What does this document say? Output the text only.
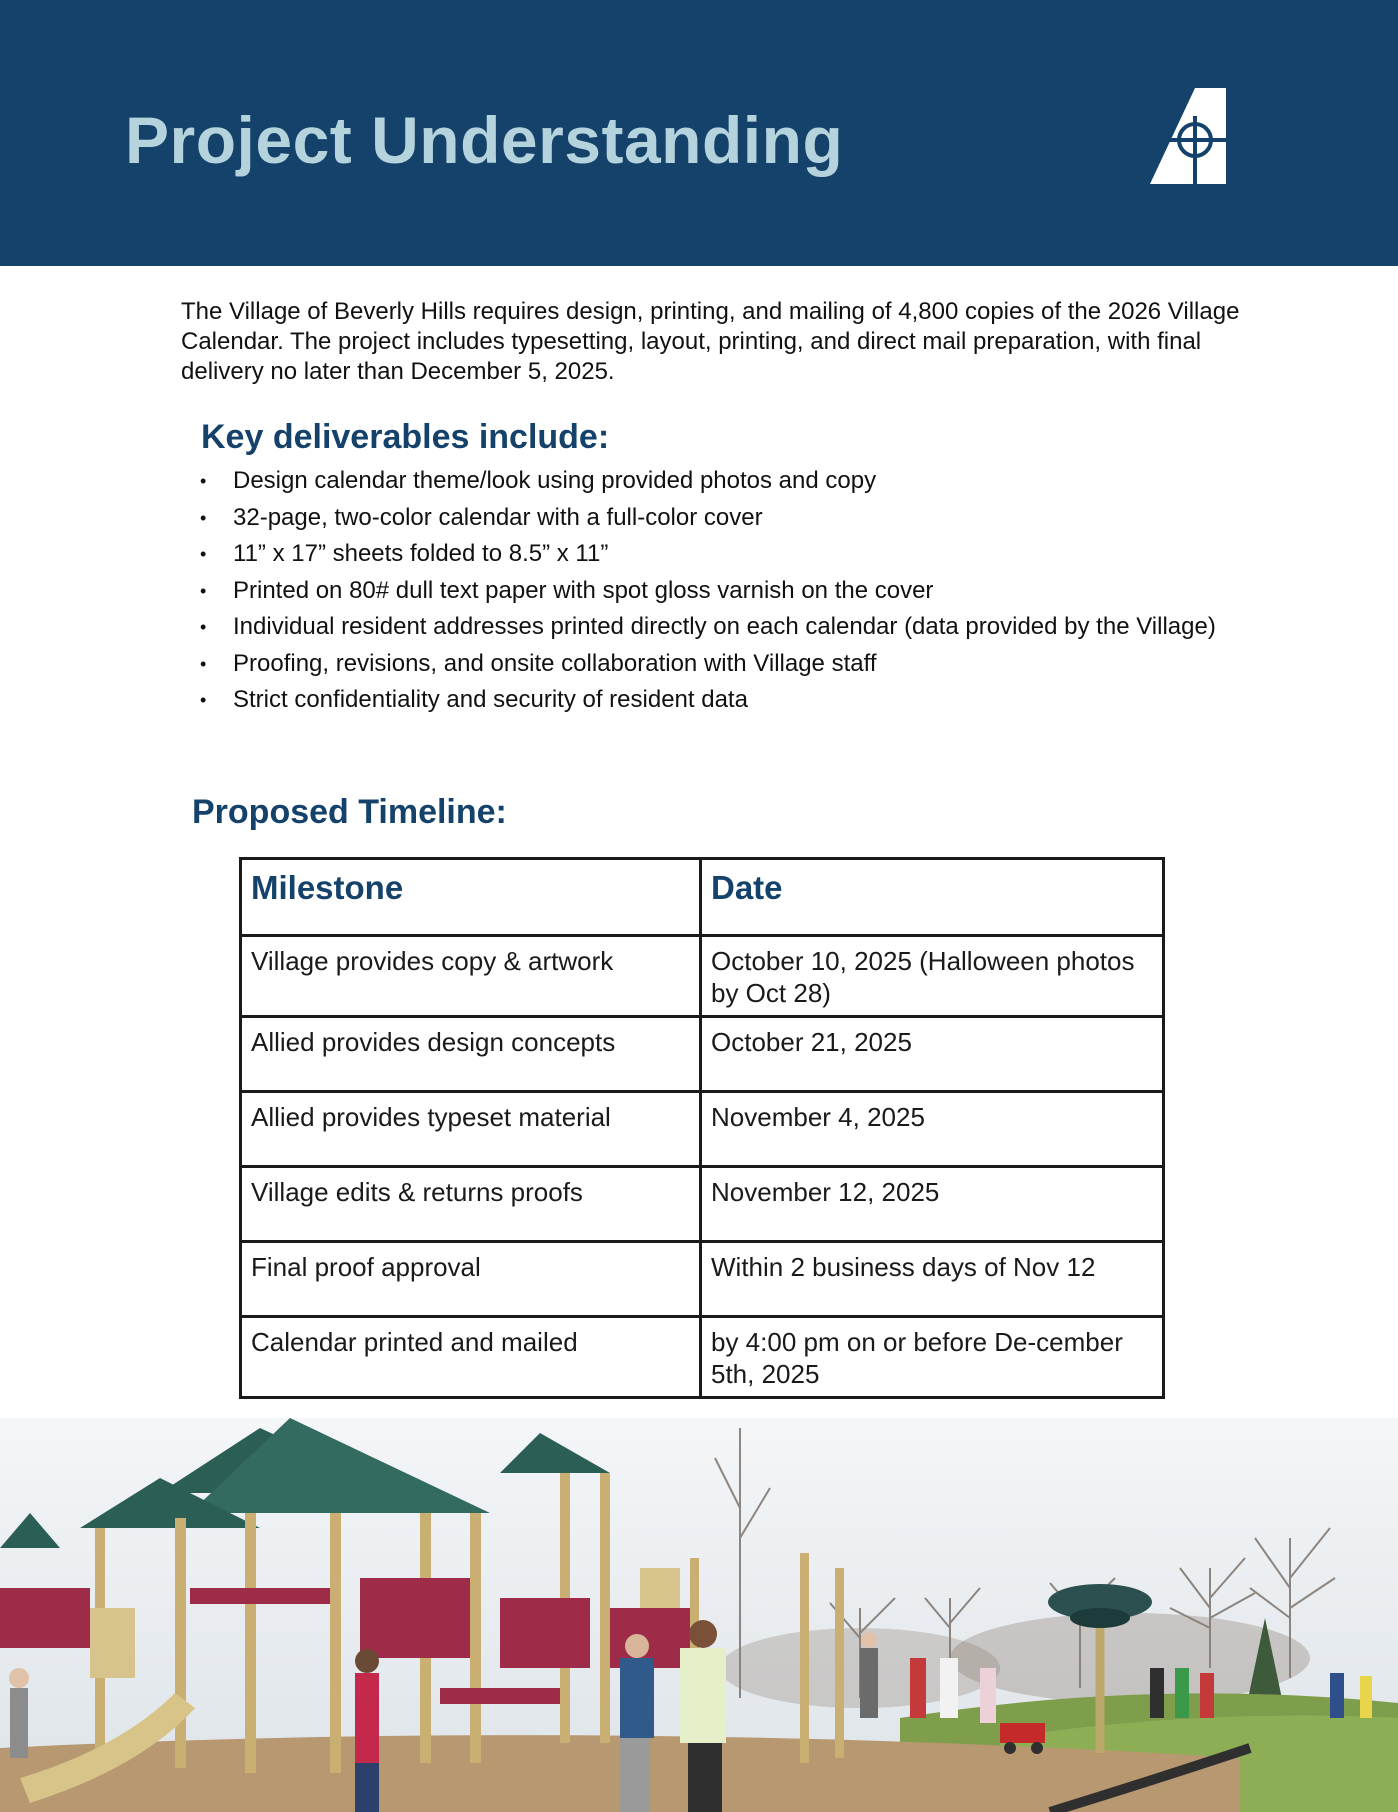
Project Understanding

The Village of Beverly Hills requires design, printing, and mailing of 4,800 copies of the 2026 Village Calendar. The project includes typesetting, layout, printing, and direct mail preparation, with final delivery no later than December 5, 2025.

Key deliverables include:
• Design calendar theme/look using provided photos and copy
• 32-page, two-color calendar with a full-color cover
• 11” x 17” sheets folded to 8.5” x 11”
• Printed on 80# dull text paper with spot gloss varnish on the cover
• Individual resident addresses printed directly on each calendar (data provided by the Village)
• Proofing, revisions, and onsite collaboration with Village staff
• Strict confidentiality and security of resident data
Proposed Timeline:
Milestone	Date
Village provides copy & artwork	October 10, 2025 (Halloween photos by Oct 28)
Allied provides design concepts	October 21, 2025
Allied provides typeset material	November 4, 2025
Village edits & returns proofs	November 12, 2025
Final proof approval	Within 2 business days of Nov 12
Calendar printed and mailed	by 4:00 pm on or before De-cember 5th, 2025
